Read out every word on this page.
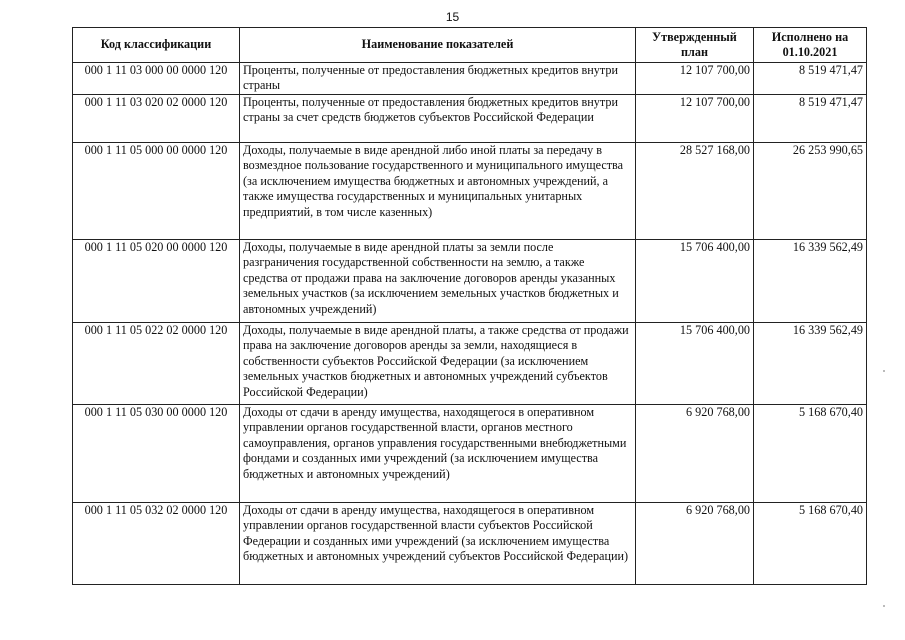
15
Код классификации	Наименование показателей	Утвержденный план	Исполнено на 01.10.2021
000 1 11 03 000 00 0000 120	Проценты, полученные от предоставления бюджетных кредитов внутри страны	12 107 700,00	8 519 471,47
000 1 11 03 020 02 0000 120	Проценты, полученные от предоставления бюджетных кредитов внутри страны за счет средств бюджетов субъектов Российской Федерации	12 107 700,00	8 519 471,47
000 1 11 05 000 00 0000 120	Доходы, получаемые в виде арендной либо иной платы за передачу в возмездное пользование государственного и муниципального имущества (за исключением имущества бюджетных и автономных учреждений, а также имущества государственных и муниципальных унитарных предприятий, в том числе казенных)	28 527 168,00	26 253 990,65
000 1 11 05 020 00 0000 120	Доходы, получаемые в виде арендной платы за земли после разграничения государственной собственности на землю, а также средства от продажи права на заключение договоров аренды указанных земельных участков (за исключением земельных участков бюджетных и автономных учреждений)	15 706 400,00	16 339 562,49
000 1 11 05 022 02 0000 120	Доходы, получаемые в виде арендной платы, а также средства от продажи права на заключение договоров аренды за земли, находящиеся в собственности субъектов Российской Федерации (за исключением земельных участков бюджетных и автономных учреждений субъектов Российской Федерации)	15 706 400,00	16 339 562,49
000 1 11 05 030 00 0000 120	Доходы от сдачи в аренду имущества, находящегося в оперативном управлении органов государственной власти, органов местного самоуправления, органов управления государственными внебюджетными фондами и созданных ими учреждений (за исключением имущества бюджетных и автономных учреждений)	6 920 768,00	5 168 670,40
000 1 11 05 032 02 0000 120	Доходы от сдачи в аренду имущества, находящегося в оперативном управлении органов государственной власти субъектов Российской Федерации и созданных ими учреждений (за исключением имущества бюджетных и автономных учреждений субъектов Российской Федерации)	6 920 768,00	5 168 670,40
